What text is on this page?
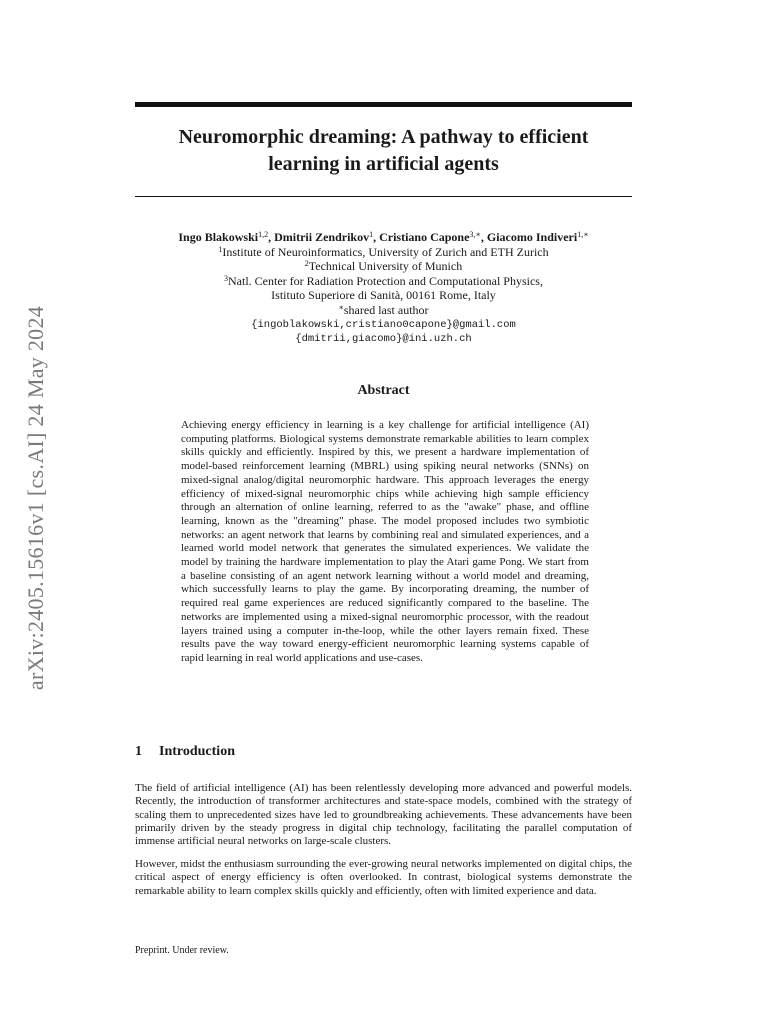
arXiv:2405.15616v1 [cs.AI] 24 May 2024
Neuromorphic dreaming: A pathway to efficient
learning in artificial agents
Ingo Blakowski$^{1,2}$, Dmitrii Zendrikov$^1$, Cristiano Capone$^{3,∗}$, Giacomo Indiveri$^{1,∗}$
$^1$Institute of Neuroinformatics, University of Zurich and ETH Zurich
$^2$Technical University of Munich
$^3$Natl. Center for Radiation Protection and Computational Physics,
Istituto Superiore di Sanità, 00161 Rome, Italy
∗shared last author
{ingoblakowski,cristiano0capone}@gmail.com
{dmitrii,giacomo}@ini.uzh.ch
Abstract

Achieving energy efficiency in learning is a key challenge for artificial intelligence (AI) computing platforms. Biological systems demonstrate remarkable abilities to learn complex skills quickly and efficiently. Inspired by this, we present a hardware implementation of model-based reinforcement learning (MBRL) using spiking neural networks (SNNs) on mixed-signal analog/digital neuromorphic hardware. This approach leverages the energy efficiency of mixed-signal neuromorphic chips while achieving high sample efficiency through an alternation of online learning, referred to as the "awake" phase, and offline learning, known as the "dreaming" phase. The model proposed includes two symbiotic networks: an agent network that learns by combining real and simulated experiences, and a learned world model network that generates the simulated experiences. We validate the model by training the hardware implementation to play the Atari game Pong. We start from a baseline consisting of an agent network learning without a world model and dreaming, which successfully learns to play the game. By incorporating dreaming, the number of required real game experiences are reduced significantly compared to the baseline. The networks are implemented using a mixed-signal neuromorphic processor, with the readout layers trained using a computer in-the-loop, while the other layers remain fixed. These results pave the way toward energy-efficient neuromorphic learning systems capable of rapid learning in real world applications and use-cases.

1 Introduction

The field of artificial intelligence (AI) has been relentlessly developing more advanced and powerful models. Recently, the introduction of transformer architectures and state-space models, combined with the strategy of scaling them to unprecedented sizes have led to groundbreaking achievements. These advancements have been primarily driven by the steady progress in digital chip technology, facilitating the parallel computation of immense artificial neural networks on large-scale clusters.

However, midst the enthusiasm surrounding the ever-growing neural networks implemented on digital chips, the critical aspect of energy efficiency is often overlooked. In contrast, biological systems demonstrate the remarkable ability to learn complex skills quickly and efficiently, often with limited experience and data.

Preprint. Under review.
